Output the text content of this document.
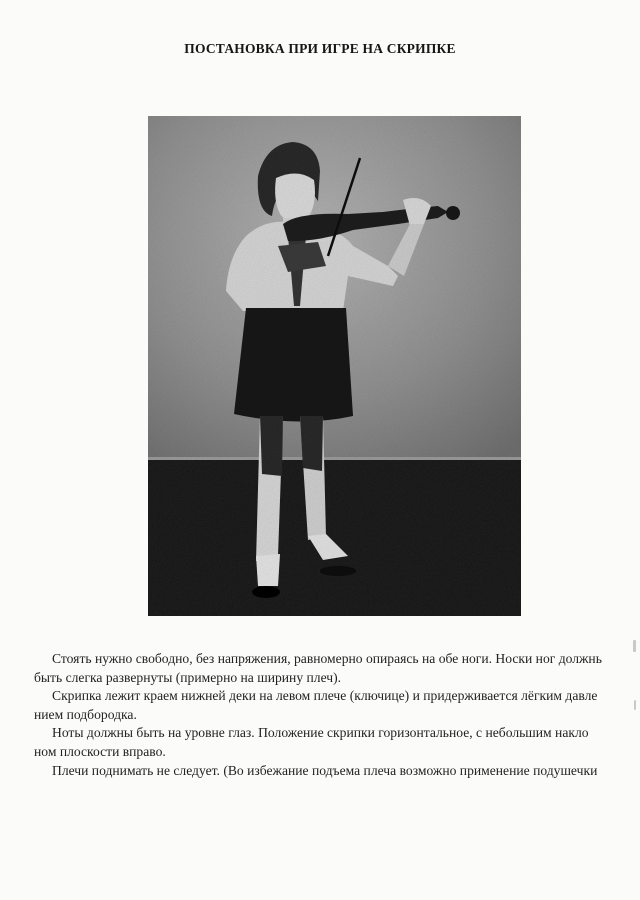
ПОСТАНОВКА ПРИ ИГРЕ НА СКРИПКЕ

Стоять нужно свободно, без напряжения, равномерно опираясь на обе ноги. Носки ног должнь

быть слегка развернуты (примерно на ширину плеч).

Скрипка лежит краем нижней деки на левом плече (ключице) и придерживается лёгким давле

нием подбородка.

Ноты должны быть на уровне глаз. Положение скрипки горизонтальное, с небольшим накло

ном плоскости вправо.

Плечи поднимать не следует. (Во избежание подъема плеча возможно применение подушечки
